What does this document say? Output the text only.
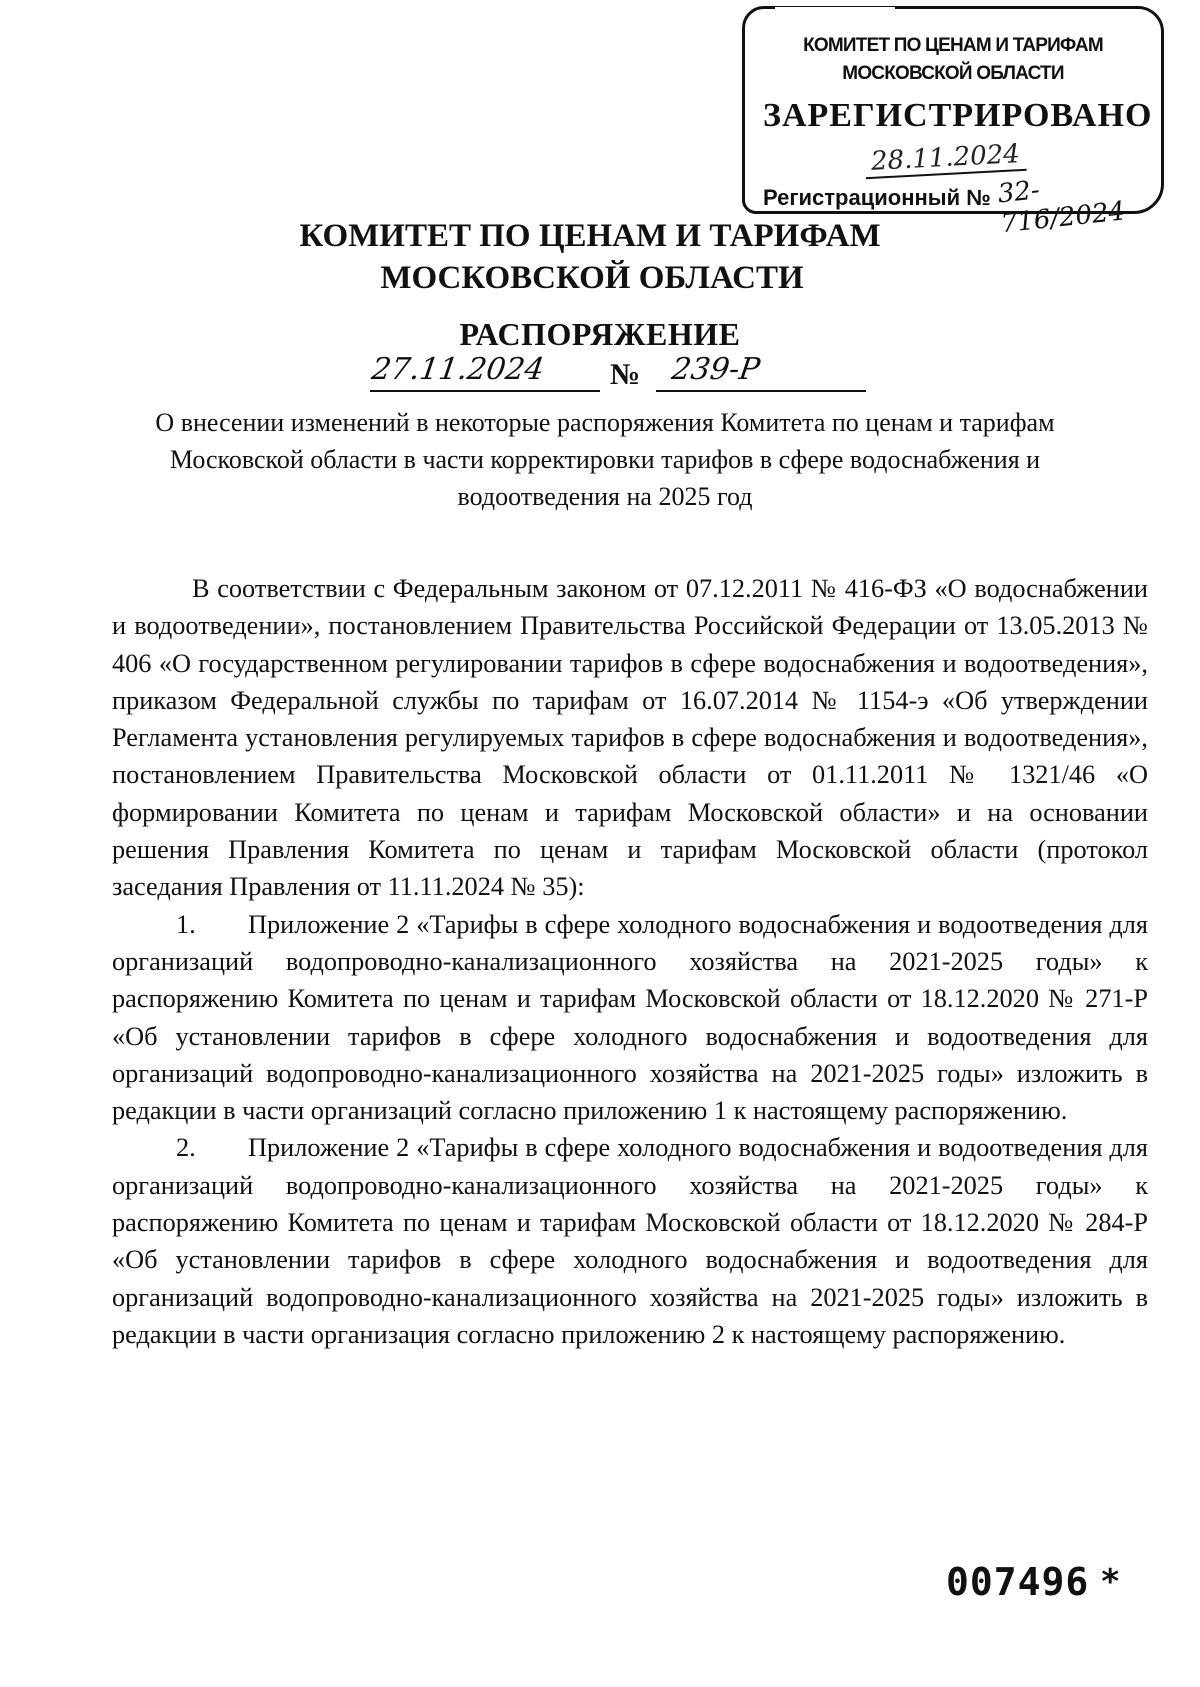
КОМИТЕТ ПО ЦЕНАМ И ТАРИФАМ
МОСКОВСКОЙ ОБЛАСТИ
ЗАРЕГИСТРИРОВАНО
28.11.2024
Регистрационный № 32-716/2024
КОМИТЕТ ПО ЦЕНАМ И ТАРИФАМ
МОСКОВСКОЙ ОБЛАСТИ
РАСПОРЯЖЕНИЕ
27.11.2024 № 239-Р
О внесении изменений в некоторые распоряжения Комитета по ценам и тарифам Московской области в части корректировки тарифов в сфере водоснабжения и водоотведения на 2025 год

В соответствии с Федеральным законом от 07.12.2011 № 416-ФЗ «О водоснабжении и водоотведении», постановлением Правительства Российской Федерации от 13.05.2013 № 406 «О государственном регулировании тарифов в сфере водоснабжения и водоотведения», приказом Федеральной службы по тарифам от 16.07.2014 № 1154-э «Об утверждении Регламента установления регулируемых тарифов в сфере водоснабжения и водоотведения», постановлением Правительства Московской области от 01.11.2011 № 1321/46 «О формировании Комитета по ценам и тарифам Московской области» и на основании решения Правления Комитета по ценам и тарифам Московской области (протокол заседания Правления от 11.11.2024 № 35):

1. Приложение 2 «Тарифы в сфере холодного водоснабжения и водоотведения для организаций водопроводно-канализационного хозяйства на 2021-2025 годы» к распоряжению Комитета по ценам и тарифам Московской области от 18.12.2020 № 271-Р «Об установлении тарифов в сфере холодного водоснабжения и водоотведения для организаций водопроводно-канализационного хозяйства на 2021-2025 годы» изложить в редакции в части организаций согласно приложению 1 к настоящему распоряжению.

2. Приложение 2 «Тарифы в сфере холодного водоснабжения и водоотведения для организаций водопроводно-канализационного хозяйства на 2021-2025 годы» к распоряжению Комитета по ценам и тарифам Московской области от 18.12.2020 № 284-Р «Об установлении тарифов в сфере холодного водоснабжения и водоотведения для организаций водопроводно-канализационного хозяйства на 2021-2025 годы» изложить в редакции в части организация согласно приложению 2 к настоящему распоряжению.

007496 *
